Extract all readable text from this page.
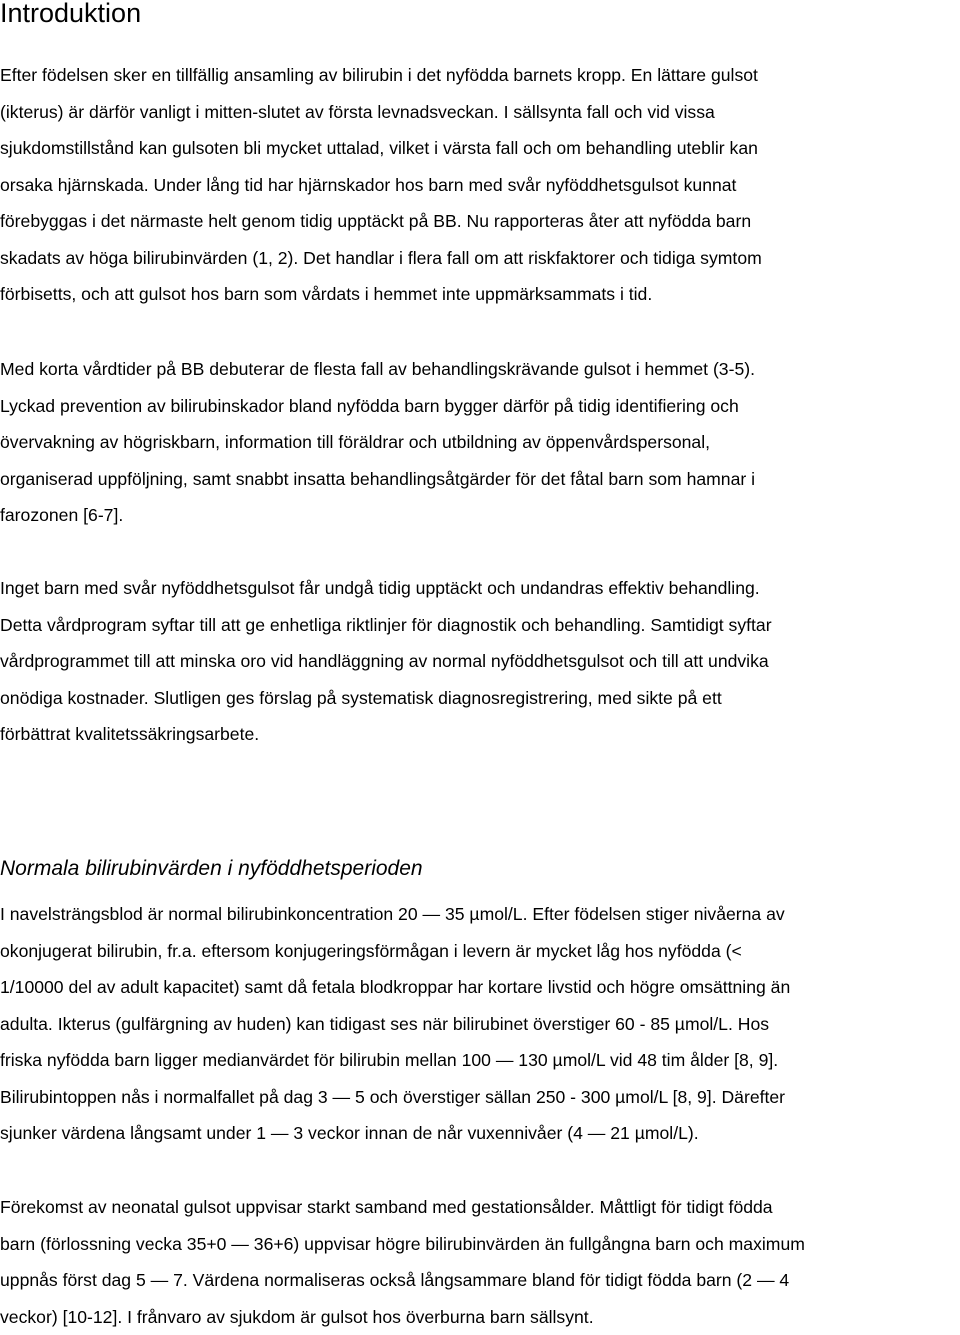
Introduktion

Efter födelsen sker en tillfällig ansamling av bilirubin i det nyfödda barnets kropp. En lättare gulsot
(ikterus) är därför vanligt i mitten-slutet av första levnadsveckan. I sällsynta fall och vid vissa
sjukdomstillstånd kan gulsoten bli mycket uttalad, vilket i värsta fall och om behandling uteblir kan
orsaka hjärnskada. Under lång tid har hjärnskador hos barn med svår nyföddhetsgulsot kunnat
förebyggas i det närmaste helt genom tidig upptäckt på BB. Nu rapporteras åter att nyfödda barn
skadats av höga bilirubinvärden (1, 2). Det handlar i flera fall om att riskfaktorer och tidiga symtom
förbisetts, och att gulsot hos barn som vårdats i hemmet inte uppmärksammats i tid.

Med korta vårdtider på BB debuterar de flesta fall av behandlingskrävande gulsot i hemmet (3-5).
Lyckad prevention av bilirubinskador bland nyfödda barn bygger därför på tidig identifiering och
övervakning av högriskbarn, information till föräldrar och utbildning av öppenvårdspersonal,
organiserad uppföljning, samt snabbt insatta behandlingsåtgärder för det fåtal barn som hamnar i
farozonen [6-7].

Inget barn med svår nyföddhetsgulsot får undgå tidig upptäckt och undandras effektiv behandling.
Detta vårdprogram syftar till att ge enhetliga riktlinjer för diagnostik och behandling. Samtidigt syftar
vårdprogrammet till att minska oro vid handläggning av normal nyföddhetsgulsot och till att undvika
onödiga kostnader. Slutligen ges förslag på systematisk diagnosregistrering, med sikte på ett
förbättrat kvalitetssäkringsarbete.

Normala bilirubinvärden i nyföddhetsperioden

I navelsträngsblod är normal bilirubinkoncentration 20 — 35 µmol/L. Efter födelsen stiger nivåerna av
okonjugerat bilirubin, fr.a. eftersom konjugeringsförmågan i levern är mycket låg hos nyfödda (<
1/10000 del av adult kapacitet) samt då fetala blodkroppar har kortare livstid och högre omsättning än
adulta. Ikterus (gulfärgning av huden) kan tidigast ses när bilirubinet överstiger 60 - 85 µmol/L. Hos
friska nyfödda barn ligger medianvärdet för bilirubin mellan 100 — 130 µmol/L vid 48 tim ålder [8, 9].
Bilirubintoppen nås i normalfallet på dag 3 — 5 och överstiger sällan 250 - 300 µmol/L [8, 9]. Därefter
sjunker värdena långsamt under 1 — 3 veckor innan de når vuxennivåer (4 — 21 µmol/L).

Förekomst av neonatal gulsot uppvisar starkt samband med gestationsålder. Måttligt för tidigt födda
barn (förlossning vecka 35+0 — 36+6) uppvisar högre bilirubinvärden än fullgångna barn och maximum
uppnås först dag 5 — 7. Värdena normaliseras också långsammare bland för tidigt födda barn (2 — 4
veckor) [10-12]. I frånvaro av sjukdom är gulsot hos överburna barn sällsynt.
